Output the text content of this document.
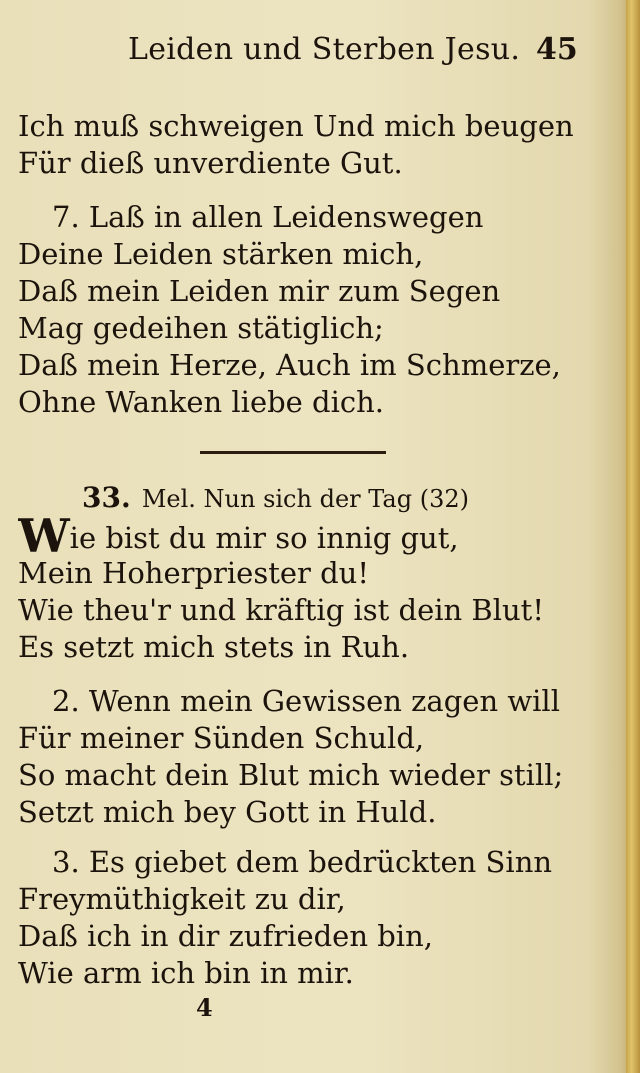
Leiden und Sterben Jesu. 45
Ich muß schweigen Und mich beugen
Für dieß unverdiente Gut.
7. Laß in allen Leidenswegen
Deine Leiden stärken mich,
Daß mein Leiden mir zum Segen
Mag gedeihen stätiglich;
Daß mein Herze, Auch im Schmerze,
Ohne Wanken liebe dich.
33. Mel. Nun sich der Tag (32)
Wie bist du mir so innig gut,
Mein Hoherpriester du!
Wie theu'r und kräftig ist dein Blut!
Es setzt mich stets in Ruh.
2. Wenn mein Gewissen zagen will
Für meiner Sünden Schuld,
So macht dein Blut mich wieder still;
Setzt mich bey Gott in Huld.
3. Es giebet dem bedrückten Sinn
Freymüthigkeit zu dir,
Daß ich in dir zufrieden bin,
Wie arm ich bin in mir.
4
